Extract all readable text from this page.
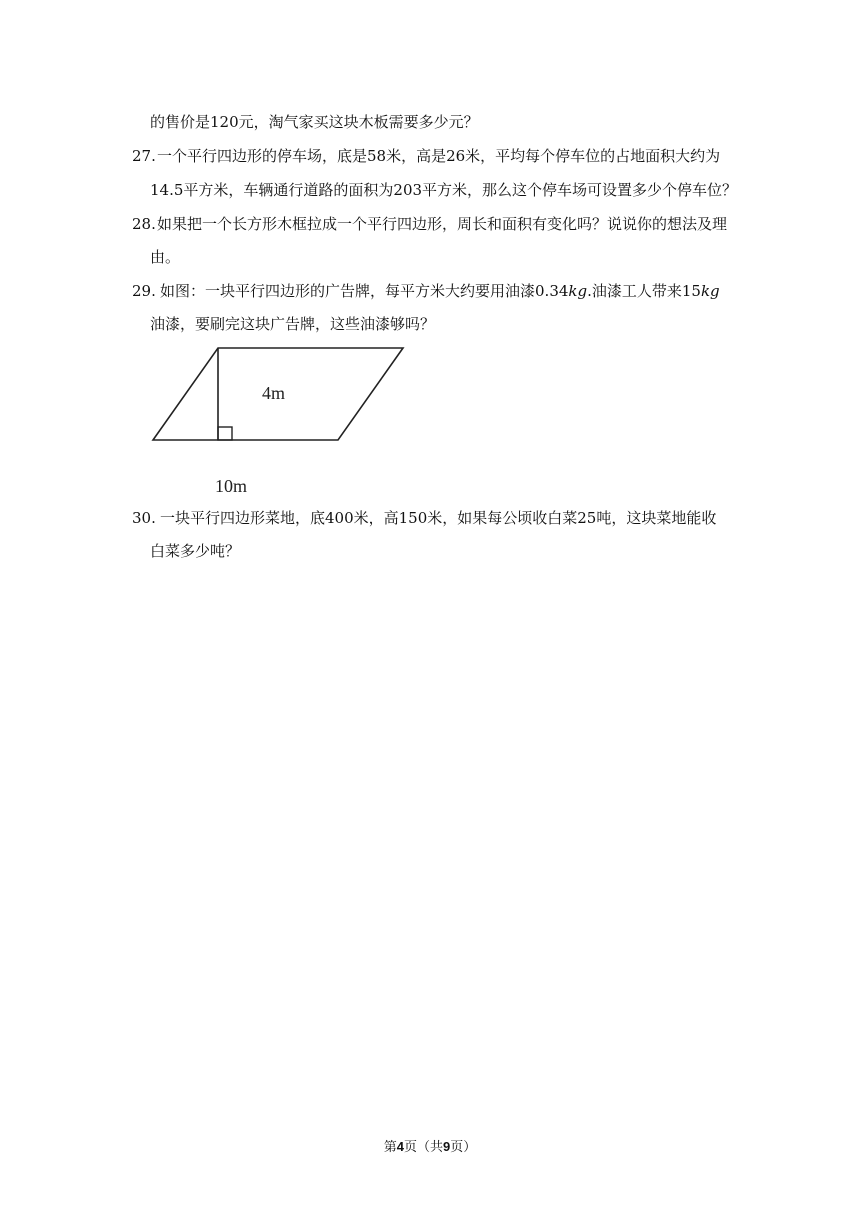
的售价是120元，淘气家买这块木板需要多少元？
27. 一个平行四边形的停车场，底是58米，高是26米，平均每个停车位的占地面积大约为
14.5平方米，车辆通行道路的面积为203平方米，那么这个停车场可设置多少个停车位？
28. 如果把一个长方形木框拉成一个平行四边形，周长和面积有变化吗？说说你的想法及理
由。
29. 如图：一块平行四边形的广告牌，每平方米大约要用油漆0.34kg.油漆工人带来15kg
油漆，要刷完这块广告牌，这些油漆够吗？
4m
10m
30. 一块平行四边形菜地，底400米，高150米，如果每公顷收白菜25吨，这块菜地能收
白菜多少吨？
第4页（共9页）
